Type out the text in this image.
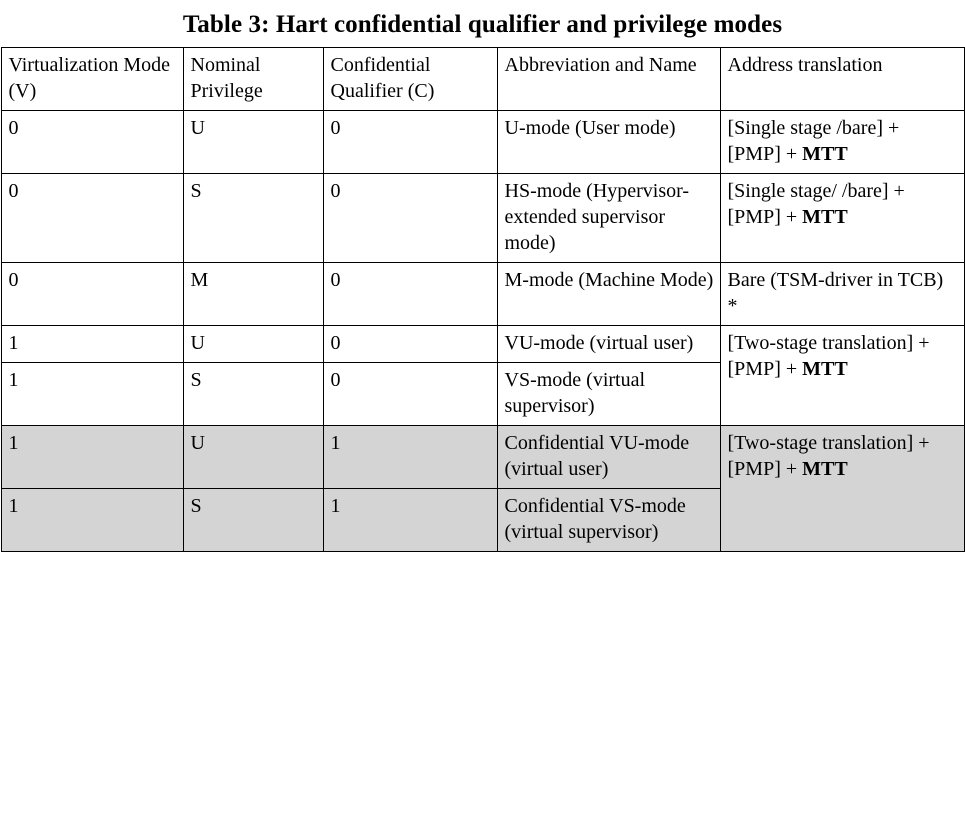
Table 3: Hart confidential qualifier and privilege modes
Virtualization Mode (V)	Nominal Privilege	Confidential Qualifier (C)	Abbreviation and Name	Address translation
0	U	0	U-mode (User mode)	[Single stage /bare] + [PMP] + MTT
0	S	0	HS-mode (Hypervisor-extended supervisor mode)	[Single stage/ /bare] + [PMP] + MTT
0	M	0	M-mode (Machine Mode)	Bare (TSM-driver in TCB) *
1	U	0	VU-mode (virtual user)	[Two-stage translation] + [PMP] + MTT
1	S	0	VS-mode (virtual supervisor)	
1	U	1	Confidential VU-mode (virtual user)	[Two-stage translation] + [PMP] + MTT
1	S	1	Confidential VS-mode (virtual supervisor)	
